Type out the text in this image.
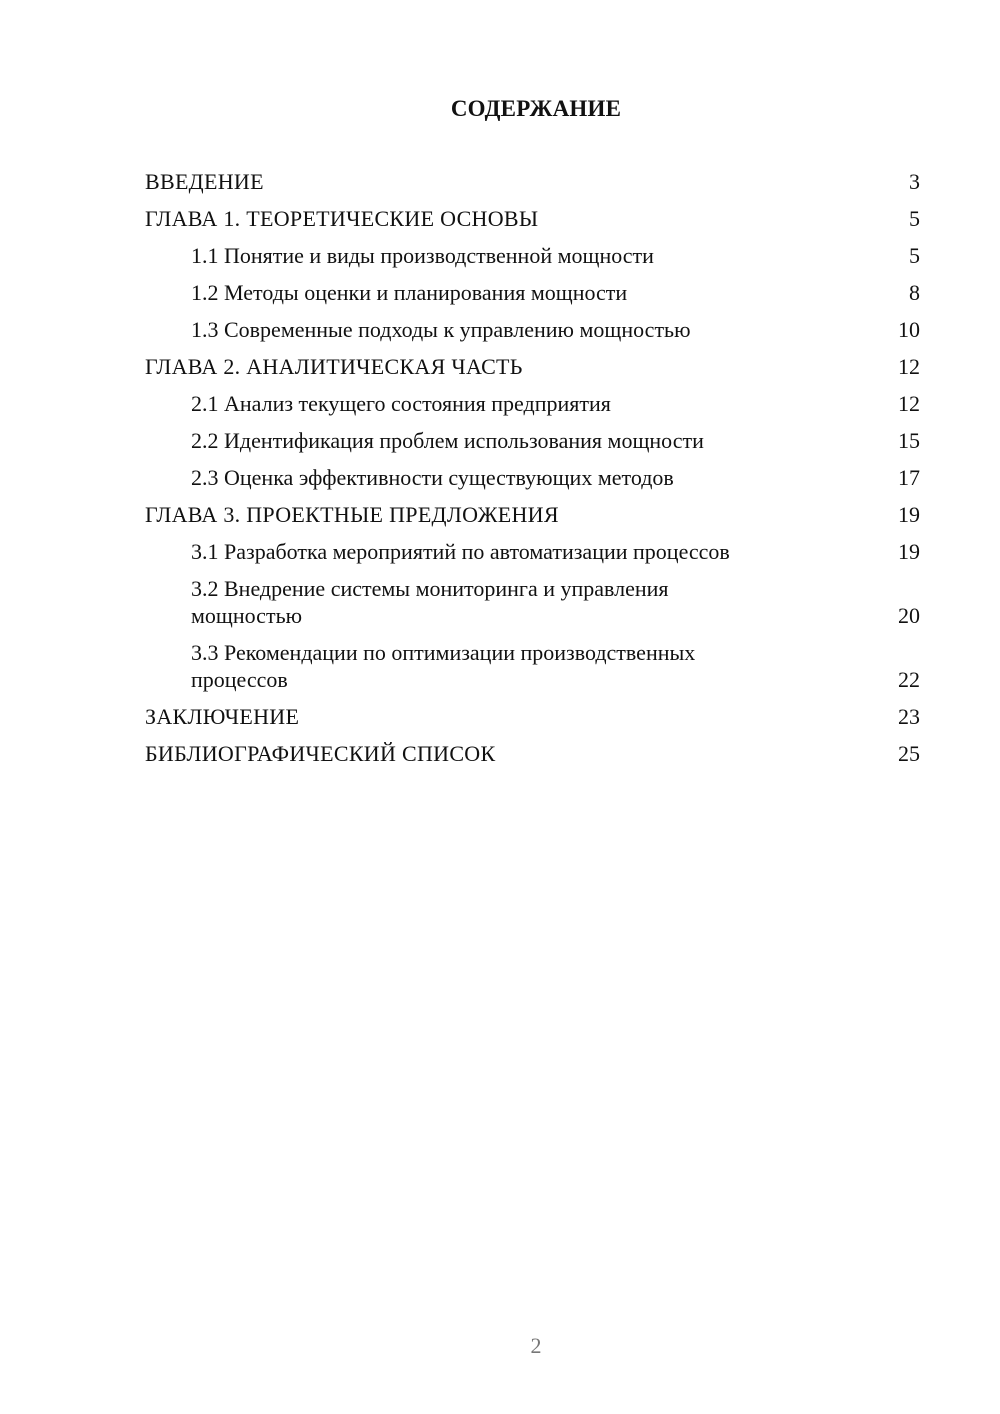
СОДЕРЖАНИЕ
ВВЕДЕНИЕ	3
ГЛАВА 1. ТЕОРЕТИЧЕСКИЕ ОСНОВЫ	5
1.1 Понятие и виды производственной мощности	5
1.2 Методы оценки и планирования мощности	8
1.3 Современные подходы к управлению мощностью	10
ГЛАВА 2. АНАЛИТИЧЕСКАЯ ЧАСТЬ	12
2.1 Анализ текущего состояния предприятия	12
2.2 Идентификация проблем использования мощности	15
2.3 Оценка эффективности существующих методов	17
ГЛАВА 3. ПРОЕКТНЫЕ ПРЕДЛОЖЕНИЯ	19
3.1 Разработка мероприятий по автоматизации процессов	19
3.2 Внедрение системы мониторинга и управления мощностью	20
3.3 Рекомендации по оптимизации производственных процессов	22
ЗАКЛЮЧЕНИЕ	23
БИБЛИОГРАФИЧЕСКИЙ СПИСОК	25
2
